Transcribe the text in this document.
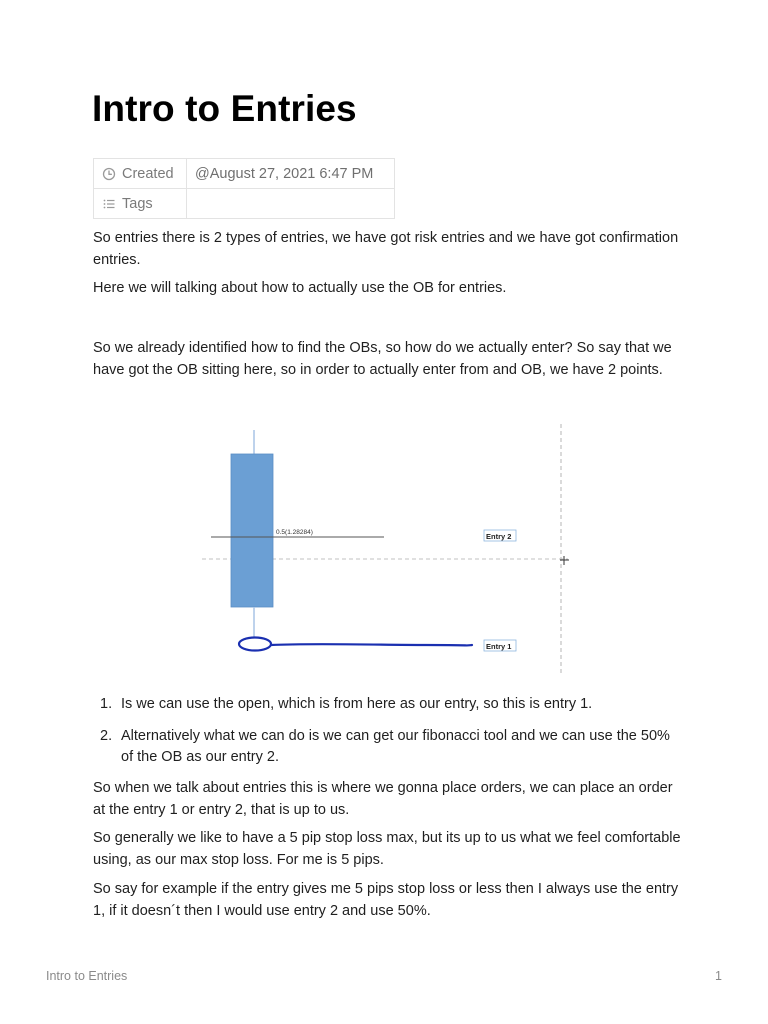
Intro to Entries
Created	@August 27, 2021 6:47 PM
Tags	

So entries there is 2 types of entries, we have got risk entries and we have got confirmation entries.

Here we will talking about how to actually use the OB for entries.

So we already identified how to find the OBs, so how do we actually enter? So say that we have got the OB sitting here, so in order to actually enter from and OB, we have 2 points.

0.5(1.28284)	Entry 2
Entry 1
1. Is we can use the open, which is from here as our entry, so this is entry 1.
2. Alternatively what we can do is we can get our fibonacci tool and we can use the 50% of the OB as our entry 2.

So when we talk about entries this is where we gonna place orders, we can place an order at the entry 1 or entry 2, that is up to us.

So generally we like to have a 5 pip stop loss max, but its up to us what we feel comfortable using, as our max stop loss. For me is 5 pips.

So say for example if the entry gives me 5 pips stop loss or less then I always use the entry 1, if it doesn´t then I would use entry 2 and use 50%.

Intro to Entries	1
